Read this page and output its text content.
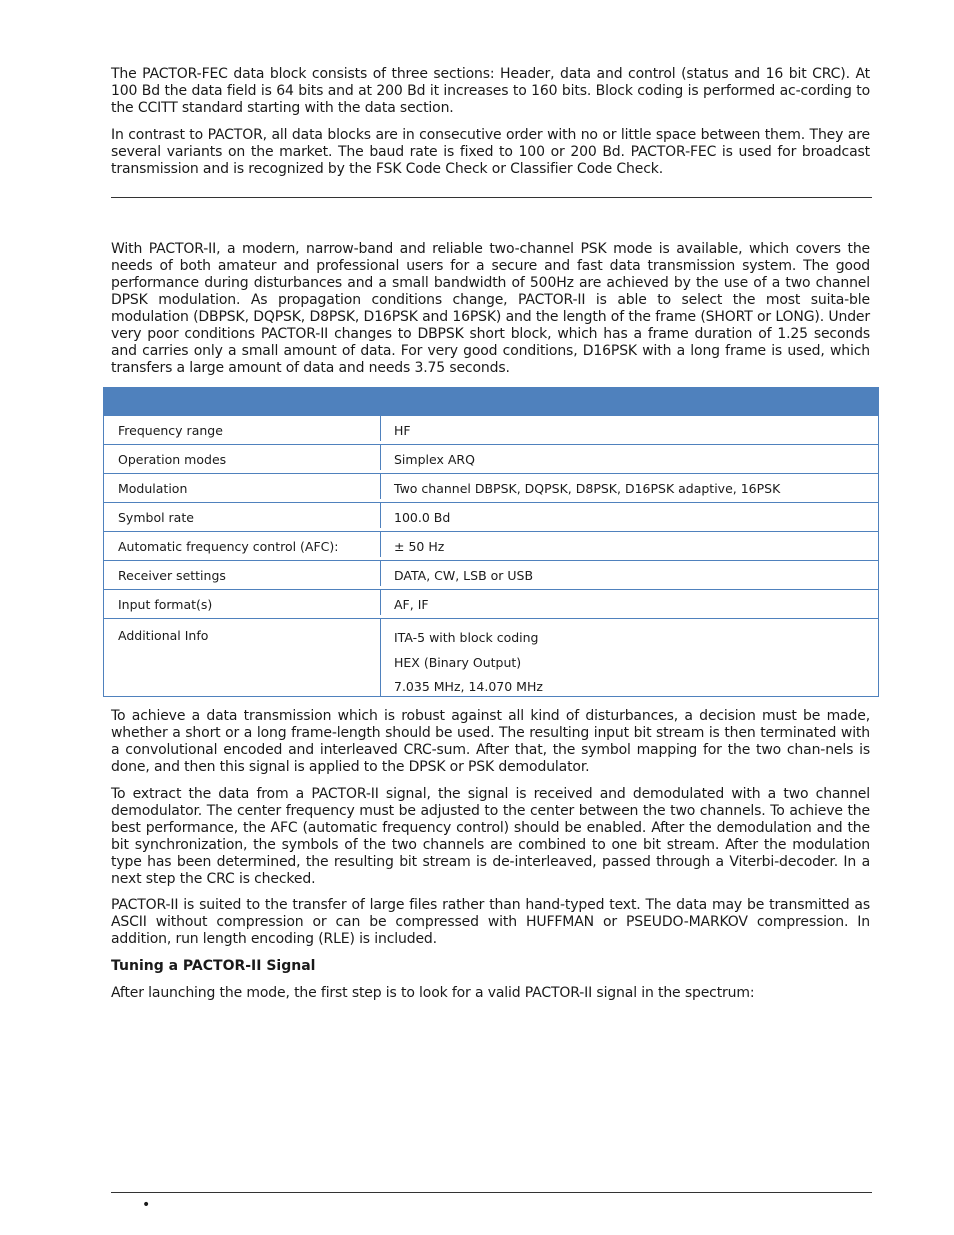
The PACTOR-FEC data block consists of three sections: Header, data and control (status and 16 bit CRC). At 100 Bd the data field is 64 bits and at 200 Bd it increases to 160 bits. Block coding is performed ac-cording to the CCITT standard starting with the data section.

In contrast to PACTOR, all data blocks are in consecutive order with no or little space between them. They are several variants on the market. The baud rate is fixed to 100 or 200 Bd. PACTOR-FEC is used for broadcast transmission and is recognized by the FSK Code Check or Classifier Code Check.

With PACTOR-II, a modern, narrow-band and reliable two-channel PSK mode is available, which covers the needs of both amateur and professional users for a secure and fast data transmission system. The good performance during disturbances and a small bandwidth of 500Hz are achieved by the use of a two channel DPSK modulation. As propagation conditions change, PACTOR-II is able to select the most suita-ble modulation (DBPSK, DQPSK, D8PSK, D16PSK and 16PSK) and the length of the frame (SHORT or LONG). Under very poor conditions PACTOR-II changes to DBPSK short block, which has a frame duration of 1.25 seconds and carries only a small amount of data. For very good conditions, D16PSK with a long frame is used, which transfers a large amount of data and needs 3.75 seconds.

To achieve a data transmission which is robust against all kind of disturbances, a decision must be made, whether a short or a long frame-length should be used. The resulting input bit stream is then terminated with a convolutional encoded and interleaved CRC-sum. After that, the symbol mapping for the two chan-nels is done, and then this signal is applied to the DPSK or PSK demodulator.

To extract the data from a PACTOR-II signal, the signal is received and demodulated with a two channel demodulator. The center frequency must be adjusted to the center between the two channels. To achieve the best performance, the AFC (automatic frequency control) should be enabled. After the demodulation and the bit synchronization, the symbols of the two channels are combined to one bit stream. After the modulation type has been determined, the resulting bit stream is de-interleaved, passed through a Viterbi-decoder. In a next step the CRC is checked.

PACTOR-II is suited to the transfer of large files rather than hand-typed text. The data may be transmitted as ASCII without compression or can be compressed with HUFFMAN or PSEUDO-MARKOV compression. In addition, run length encoding (RLE) is included.

Tuning a PACTOR-II Signal

After launching the mode, the first step is to look for a valid PACTOR-II signal in the spectrum:

•
Frequency range	HF
Operation modes	Simplex ARQ
Modulation	Two channel DBPSK, DQPSK, D8PSK, D16PSK adaptive, 16PSK
Symbol rate	100.0 Bd
Automatic frequency control (AFC):	± 50 Hz
Receiver settings	DATA, CW, LSB or USB
Input format(s)	AF, IF
Additional Info	ITA-5 with block coding
HEX (Binary Output)
7.035 MHz, 14.070 MHz
